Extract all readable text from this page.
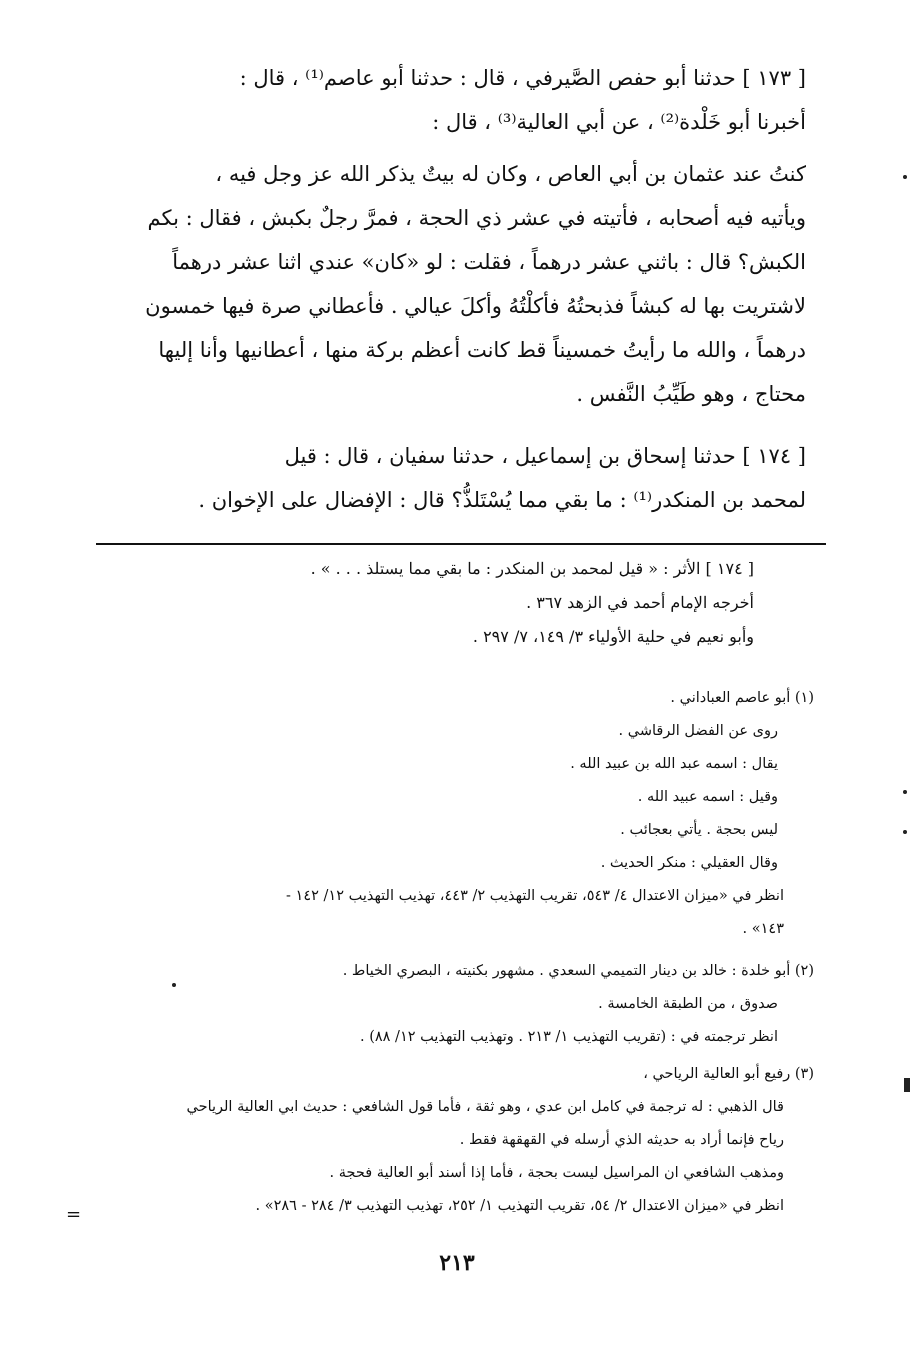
[ ١٧٣ ] حدثنا أبو حفص الصَّيرفي ، قال : حدثنا أبو عاصم⁽¹⁾ ، قال :
أخبرنا أبو خَلْدة⁽²⁾ ، عن أبي العالية⁽³⁾ ، قال :
كنتُ عند عثمان بن أبي العاص ، وكان له بيتٌ يذكر الله عز وجل فيه ،
ويأتيه فيه أصحابه ، فأتيته في عشر ذي الحجة ، فمرَّ رجلٌ بكبش ، فقال : بكم
الكبش؟ قال : باثني عشر درهماً ، فقلت : لو «كان» عندي اثنا عشر درهماً
لاشتريت بها له كبشاً فذبحتُهُ فأكلْتُهُ وأكلَ عيالي . فأعطاني صرة فيها خمسون
درهماً ، والله ما رأيتُ خمسيناً قط كانت أعظم بركة منها ، أعطانيها وأنا إليها
محتاج ، وهو طَيِّبُ النَّفس .
[ ١٧٤ ] حدثنا إسحاق بن إسماعيل ، حدثنا سفيان ، قال : قيل
لمحمد بن المنكدر⁽¹⁾ : ما بقي مما يُسْتَلذُّ؟ قال : الإفضال على الإخوان .
[ ١٧٤ ] الأثر : « قيل لمحمد بن المنكدر : ما بقي مما يستلذ . . . » .
أخرجه الإمام أحمد في الزهد ٣٦٧ .
وأبو نعيم في حلية الأولياء ٣/ ١٤٩، ٧/ ٢٩٧ .
(١) أبو عاصم العباداني .
روى عن الفضل الرقاشي .
يقال : اسمه عبد الله بن عبيد الله .
وقيل : اسمه عبيد الله .
ليس بحجة . يأتي بعجائب .
وقال العقيلي : منكر الحديث .
انظر في «ميزان الاعتدال ٤/ ٥٤٣، تقريب التهذيب ٢/ ٤٤٣، تهذيب التهذيب ١٢/ ١٤٢ -
١٤٣» .
(٢) أبو خلدة : خالد بن دينار التميمي السعدي . مشهور بكنيته ، البصري الخياط .
صدوق ، من الطبقة الخامسة .
انظر ترجمته في : (تقريب التهذيب ١/ ٢١٣ . وتهذيب التهذيب ١٢/ ٨٨) .
(٣) رفيع أبو العالية الرياحي ،
قال الذهبي : له ترجمة في كامل ابن عدي ، وهو ثقة ، فأما قول الشافعي : حديث ابي العالية الرياحي
رياح فإنما أراد به حديثه الذي أرسله في القهقهة فقط .
ومذهب الشافعي ان المراسيل ليست بحجة ، فأما إذا أسند أبو العالية فحجة .
انظر في «ميزان الاعتدال ٢/ ٥٤، تقريب التهذيب ١/ ٢٥٢، تهذيب التهذيب ٣/ ٢٨٤ - ٢٨٦» .
=
٢١٣
